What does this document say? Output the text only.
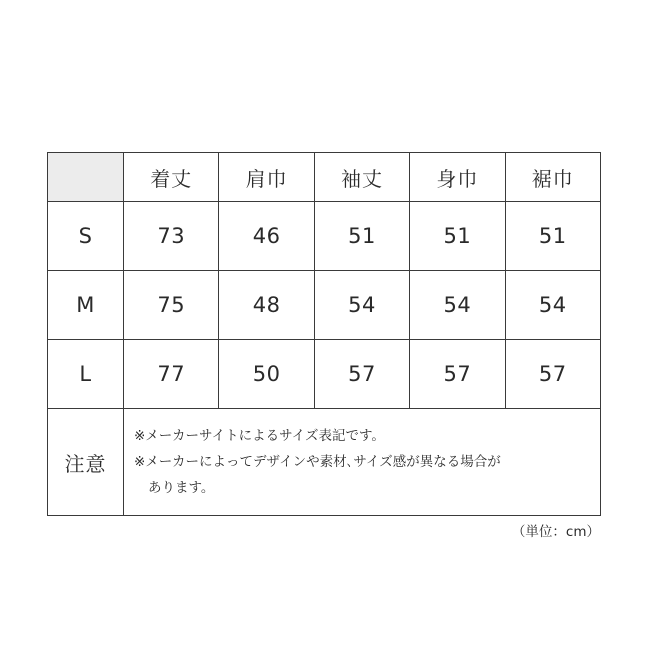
	着丈	肩巾	袖丈	身巾	裾巾
S	73	46	51	51	51
M	75	48	54	54	54
L	77	50	57	57	57
注意	※メーカーサイトによるサイズ表記です。
※メーカーによってデザインや素材､サイズ感が異なる場合が
あります。				
（単位：cm）
